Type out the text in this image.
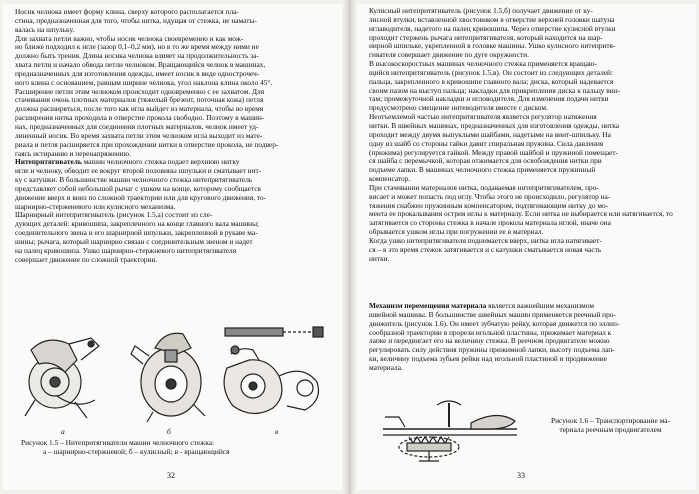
Носик челнока имеет форму клина, сверху которого располагается пла-
стина, предназначенная для того, чтобы нитка, идущая от стежка, не наматы-
валась на шпульку.
Для захвата петли важно, чтобы носик челнока своевременно и как мож-
но ближе подходил к игле (зазор 0,1–0,2 мм), но в то же время между ними не
должно быть трения. Длина носика челнока влияет на продолжительность за-
хвата петли и начало обвода петли челноком. Вращающийся челнок в машинах,
предназначенных для изготовления одежды, имеет носик в виде однострочеч-
ного клина с основанием, равным ширине челнока, угол наклона клина около 45°.
Расширение петли этим челноком происходит одновременно с ее захватом. Для
стачивания очень плотных материалов (тяжелый брезент, поточная кожа) петля
должна расширяться, после того как игла выйдет из материала, чтобы во время
расширения нитка проходила в отверстие проколa свободно. Поэтому в машин-
нах, предназначенных для соединения плотных материалов, челнок имеет уд-
линенный носик. Во время захвата петли этим челноком игла выходит из мате-
риала и петля расширяется при прохождении нитки в отверстие прокола, не подвер-
гаясь истиранию и перенапряжению.
Нитепритягиватель машин челночного стежка подает верхнюю нитку
игле и челноку, обводит ее вокруг второй половины шпульки и сматывает нит-
ку с катушки. В большинстве машин челночного стежка нитепритягиватель
представляет собой небольшой рычаг с ушком на конце, которому сообщается
движение вверх и вниз по сложной траектории или для кругового движения, то-
шарнирно-стерженевого или кулисного механизма.
Шарнирный нитепритягиватель (рисунок 1.5,а) состоит из сле-
дующих деталей: кривошипа, закрепленного на конце главного вала машины;
соединительного звена и его шарнирной шпульки, закрепленной в рукаве ма-
шины; рычага, который шарнирно связан с соединительным звеном и надет
на палец кривошипа. Ушко шарнирно-стержневого нитепритягивателя
совершает движение по сложной траектории.
а	б	в
Рисунок 1.5 – Нитепритягиватели машин челночного стежка:
а – шарнирно-стержневой; б – кулисный; в - вращающийся
32
Кулисный нитепритягиватель (рисунок 1.5,б) получает движение от ку-
лисной втулки, вставленной хвостовиком в отверстие верхней головки шатуна
иглаводителя, надетого на палец кривошипа. Через отверстие кулисной втулки
проходит стержень рычага нитепритягивателя, который находится на шар-
нирной шпильке, укрепленной в головке машины. Ушко кулисного нитепритя-
гивателя совершает движение по дуге окружности.
В высокоскоростных машинах челночного стежка применяется вращаю-
щийся нитепритягиватель (рисунок 1.5,в). Он состоит из следующих деталей:
пальца, закрепленного в кривошипе главного вала; диска, который надевается
своим пазом на выступ пальца; накладки для прикрепления диска к пальцу вин-
там; промежуточной накладки и игловодителя. Для изменения подачи нитки
предусмотрено смещение нитеводителя вместе с диском.
Неотъемлемой частью нитепритягивателя является регулятор натяжения
нитки. В швейных машинах, предназначенных для изготовления одежды, нитка
проходит между двумя выпуклыми шайбами, надетыми на винт-шпильку. На
одну из шайб со стороны гайки давит спиральная пружина. Сила давления
(прижима) регулируется гайкой. Между правой шайбой и пружиной помещает-
ся шайба с перемычкой, которая отжимается для освобождения нитки при
подъеме лапки. В машинах челночного стежка применяется пружинный
компенсатор.
При стачивании материалов нитка, подаваемая нитепритягивателем, про-
висает и может попасть под иглу. Чтобы этого не происходило, регулятор на-
тяжения снабжен пружинным компенсатором, подтягивающим нитку до мо-
мента ее прокалывания острия иглы к материалу. Если нитка не выбирается или натягивается, то
затягивается со стороны стежка в начале прокола материала иглой, иначе она
обрывается ушком иглы при погружении ее в материал.
Когда ушко нитепритягивателя поднимается вверх, нитка игла натягивает-
ся – в это время стежок затягивается и с катушки сматывается новая часть
нитки.
Механизм перемещения материала является важнейшим механизмом
швейной машины. В большинстве швейных машин применяется реечный про-
движитель (рисунок 1.6). Он имеет зубчатую рейку, которая движется по эллип-
сообразной траектории в прорези игольной пластины, прижимает материал к
лапке и передвигает его на величину стежка. В реечном продвигателе можно
регулировать силу действия пружины прижимной лапки, высоту подъема лап-
ки, величину подъема зубьев рейки над игольной пластиной и продвижение
материала.
Рисунок 1.6 – Транспортирование ма-
териала реечным продвигателем
33
